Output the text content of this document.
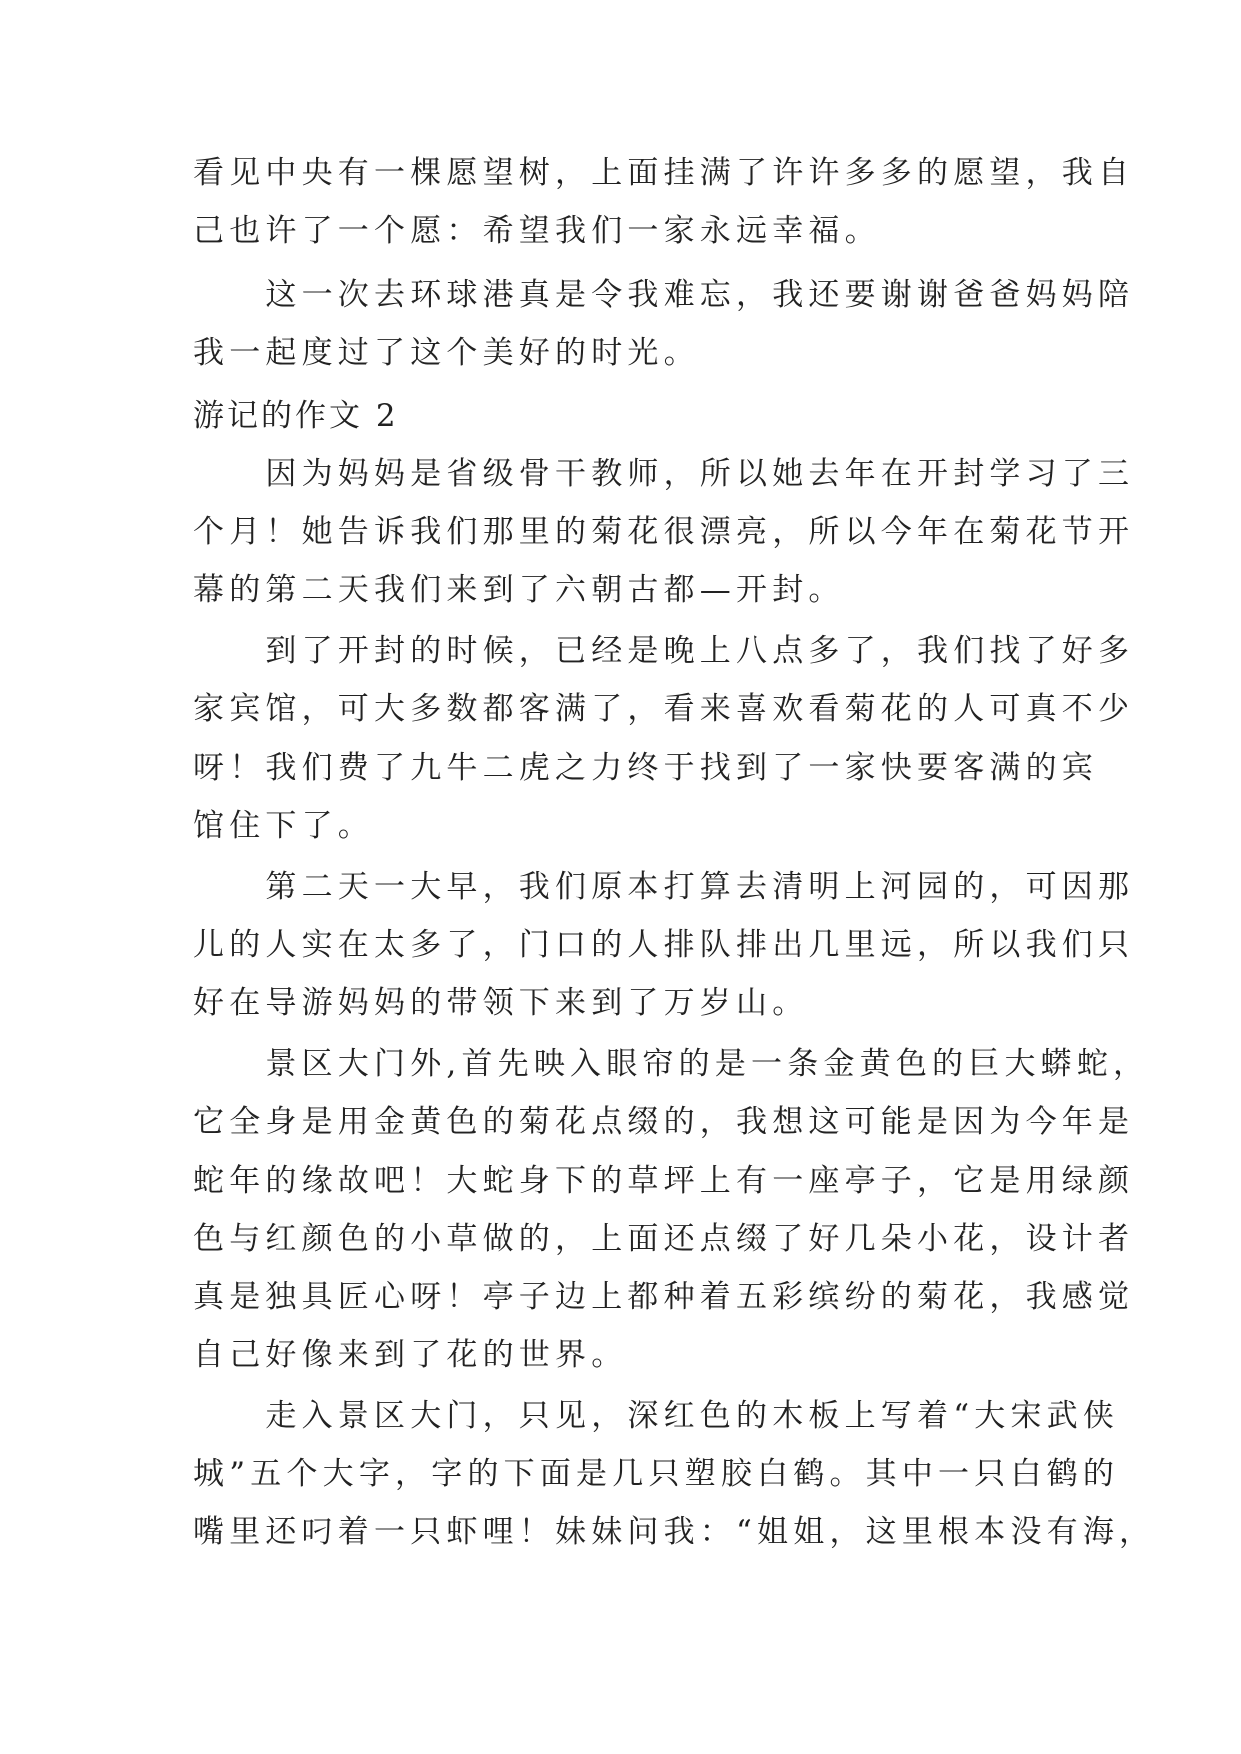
看见中央有一棵愿望树，上面挂满了许许多多的愿望，我自
己也许了一个愿：希望我们一家永远幸福。
　　这一次去环球港真是令我难忘，我还要谢谢爸爸妈妈陪
我一起度过了这个美好的时光。
游记的作文 2
　　因为妈妈是省级骨干教师，所以她去年在开封学习了三
个月！她告诉我们那里的菊花很漂亮，所以今年在菊花节开
幕的第二天我们来到了六朝古都—开封。
　　到了开封的时候，已经是晚上八点多了，我们找了好多
家宾馆，可大多数都客满了，看来喜欢看菊花的人可真不少
呀！我们费了九牛二虎之力终于找到了一家快要客满的宾
馆住下了。
　　第二天一大早，我们原本打算去清明上河园的，可因那
儿的人实在太多了，门口的人排队排出几里远，所以我们只
好在导游妈妈的带领下来到了万岁山。
　　景区大门外,首先映入眼帘的是一条金黄色的巨大蟒蛇，
它全身是用金黄色的菊花点缀的，我想这可能是因为今年是
蛇年的缘故吧！大蛇身下的草坪上有一座亭子，它是用绿颜
色与红颜色的小草做的，上面还点缀了好几朵小花，设计者
真是独具匠心呀！亭子边上都种着五彩缤纷的菊花，我感觉
自己好像来到了花的世界。
　　走入景区大门，只见，深红色的木板上写着“大宋武侠
城”五个大字，字的下面是几只塑胶白鹤。其中一只白鹤的
嘴里还叼着一只虾哩！妹妹问我：“姐姐，这里根本没有海，
